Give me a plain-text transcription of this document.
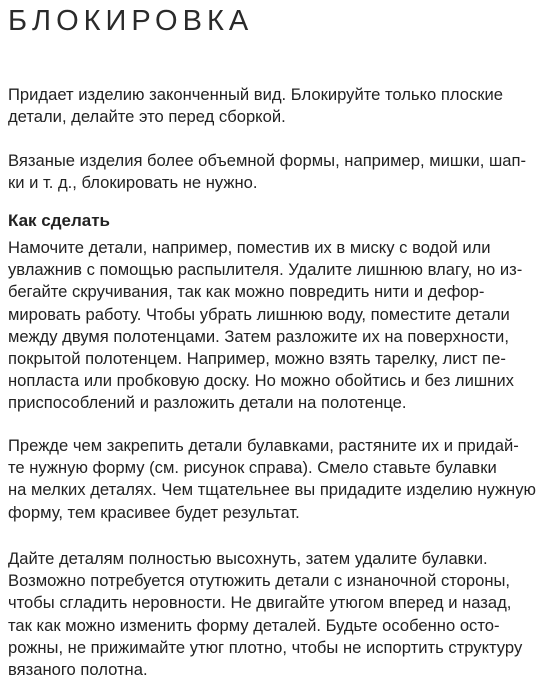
БЛОКИРОВКА
Придает изделию законченный вид. Блокируйте только плоские
детали, делайте это перед сборкой.
Вязаные изделия более объемной формы, например, мишки, шап-
ки и т. д., блокировать не нужно.
Как сделать
Намочите детали, например, поместив их в миску с водой или
увлажнив с помощью распылителя. Удалите лишнюю влагу, но из-
бегайте скручивания, так как можно повредить нити и дефор-
мировать работу. Чтобы убрать лишнюю воду, поместите детали
между двумя полотенцами. Затем разложите их на поверхности,
покрытой полотенцем. Например, можно взять тарелку, лист пе-
нопласта или пробковую доску. Но можно обойтись и без лишних
приспособлений и разложить детали на полотенце.
Прежде чем закрепить детали булавками, растяните их и придай-
те нужную форму (см. рисунок справа). Смело ставьте булавки
на мелких деталях. Чем тщательнее вы придадите изделию нужную
форму, тем красивее будет результат.
Дайте деталям полностью высохнуть, затем удалите булавки.
Возможно потребуется отутюжить детали с изнаночной стороны,
чтобы сгладить неровности. Не двигайте утюгом вперед и назад,
так как можно изменить форму деталей. Будьте особенно осто-
рожны, не прижимайте утюг плотно, чтобы не испортить структуру
вязаного полотна.
